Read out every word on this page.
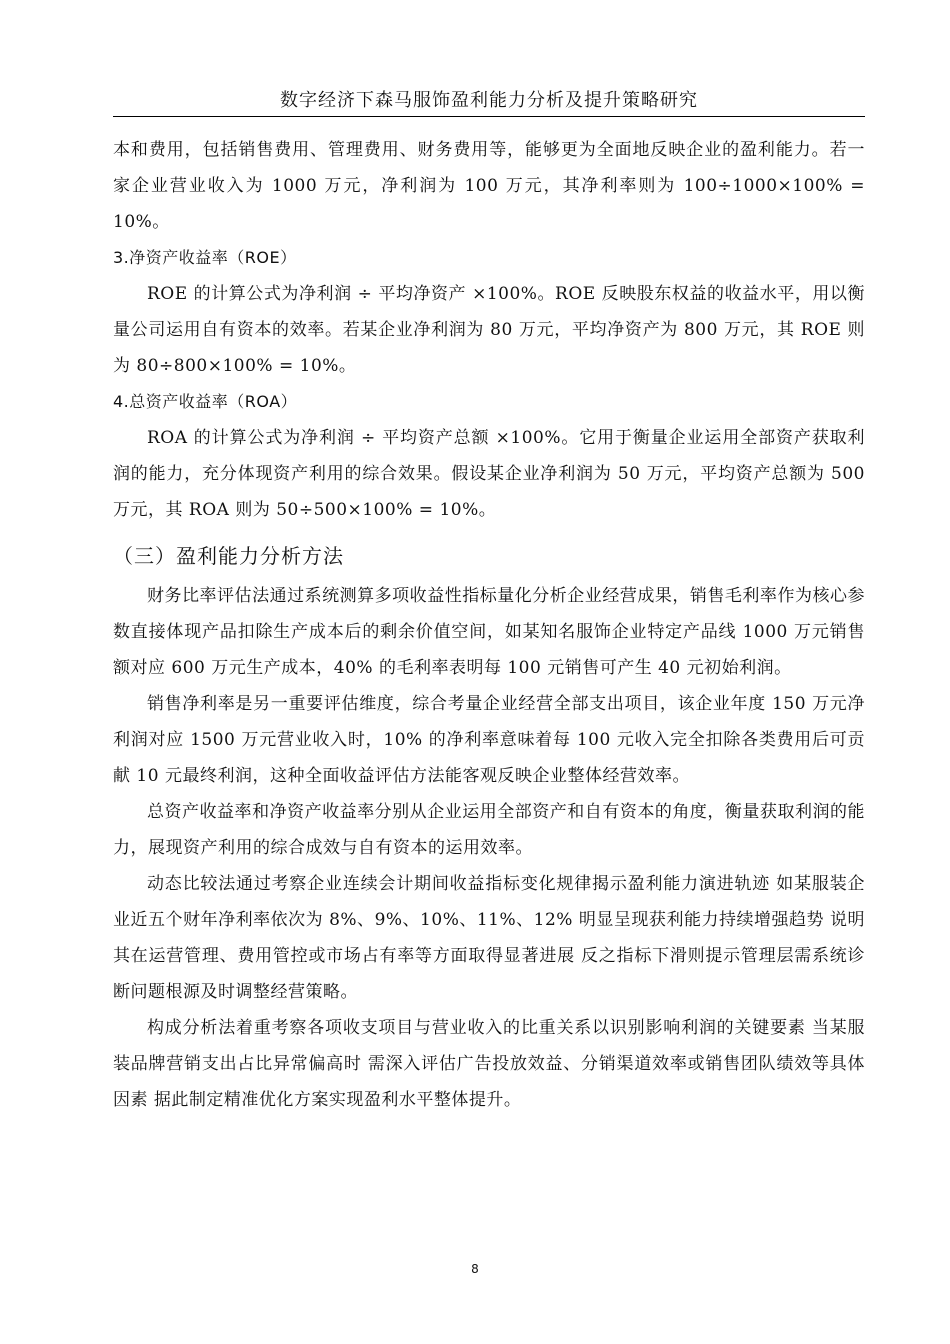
数字经济下森马服饰盈利能力分析及提升策略研究

本和费用，包括销售费用、管理费用、财务费用等，能够更为全面地反映企业的盈利能力。若一家企业营业收入为 1000 万元，净利润为 100 万元，其净利率则为 100÷1000×100% = 10%。

3.净资产收益率（ROE）

ROE 的计算公式为净利润 ÷ 平均净资产 ×100%。ROE 反映股东权益的收益水平，用以衡量公司运用自有资本的效率。若某企业净利润为 80 万元，平均净资产为 800 万元，其 ROE 则为 80÷800×100% = 10%。

4.总资产收益率（ROA）

ROA 的计算公式为净利润 ÷ 平均资产总额 ×100%。它用于衡量企业运用全部资产获取利润的能力，充分体现资产利用的综合效果。假设某企业净利润为 50 万元，平均资产总额为 500 万元，其 ROA 则为 50÷500×100% = 10%。

（三）盈利能力分析方法

财务比率评估法通过系统测算多项收益性指标量化分析企业经营成果，销售毛利率作为核心参数直接体现产品扣除生产成本后的剩余价值空间，如某知名服饰企业特定产品线 1000 万元销售额对应 600 万元生产成本，40% 的毛利率表明每 100 元销售可产生 40 元初始利润。

销售净利率是另一重要评估维度，综合考量企业经营全部支出项目，该企业年度 150 万元净利润对应 1500 万元营业收入时，10% 的净利率意味着每 100 元收入完全扣除各类费用后可贡献 10 元最终利润，这种全面收益评估方法能客观反映企业整体经营效率。

总资产收益率和净资产收益率分别从企业运用全部资产和自有资本的角度，衡量获取利润的能力，展现资产利用的综合成效与自有资本的运用效率。

动态比较法通过考察企业连续会计期间收益指标变化规律揭示盈利能力演进轨迹 如某服装企业近五个财年净利率依次为 8%、9%、10%、11%、12% 明显呈现获利能力持续增强趋势 说明其在运营管理、费用管控或市场占有率等方面取得显著进展 反之指标下滑则提示管理层需系统诊断问题根源及时调整经营策略。

构成分析法着重考察各项收支项目与营业收入的比重关系以识别影响利润的关键要素 当某服装品牌营销支出占比异常偏高时 需深入评估广告投放效益、分销渠道效率或销售团队绩效等具体因素 据此制定精准优化方案实现盈利水平整体提升。

8
